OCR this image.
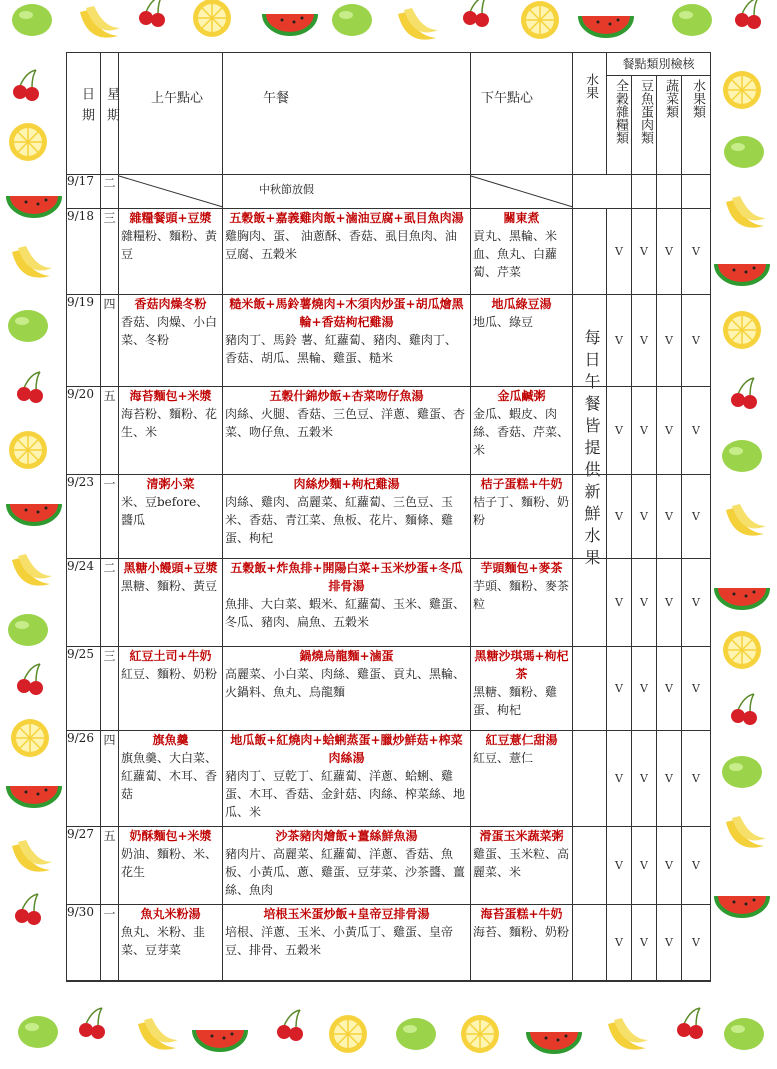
日期 星期 上午點心	午餐	下午點心	水果
餐點類別檢核
全穀雜糧類 豆魚蛋肉類 蔬菜類 水果類
9/17 二	中秋節放假
每日午餐皆提供新鮮水果
9/18 三	雜糧餐頭+豆漿
雜糧粉、麵粉、黃豆
五穀飯+嘉義雞肉飯+滷油豆腐+虱目魚肉湯
雞胸肉、蛋、 油蔥酥、香菇、虱目魚肉、油豆腐、五穀米
關東煮
貢丸、黑輪、米血、魚丸、白蘿蔔、芹菜
V	V	V	V
9/19 四	香菇肉燥冬粉
香菇、肉燥、小白菜、冬粉
糙米飯+馬鈴薯燒肉+木須肉炒蛋+胡瓜燴黑輪+香菇枸杞雞湯
豬肉丁、馬鈴 薯、紅蘿蔔、豬肉、雞肉丁、香菇、胡瓜、黑輪、雞蛋、糙米
地瓜綠豆湯
地瓜、綠豆
V	V	V	V
9/20 五	海苔麵包+米漿
海苔粉、麵粉、花生、米
五穀什錦炒飯+杏菜吻仔魚湯
肉絲、火腿、香菇、三色豆、洋蔥、雞蛋、杏菜、吻仔魚、五穀米
金瓜鹹粥
金瓜、蝦皮、肉絲、香菇、芹菜、米
V	V	V	V
9/23 一	清粥小菜
米、豆before、醬瓜
肉絲炒麵+枸杞雞湯
肉絲、雞肉、高麗菜、紅蘿蔔、三色豆、玉米、香菇、青江菜、魚板、花片、麵條、雞蛋、枸杞
桔子蛋糕+牛奶
桔子丁、麵粉、奶粉	V	V	V	V
9/24 二 黑糖小饅頭+豆漿
黑糖、麵粉、黃豆
五穀飯+炸魚排+開陽白菜+玉米炒蛋+冬瓜排骨湯
魚排、大白菜、蝦米、紅蘿蔔、玉米、雞蛋、冬瓜、豬肉、扁魚、五穀米
芋頭麵包+麥茶
芋頭、麵粉、麥茶粒	V	V	V	V
9/25 三	紅豆土司+牛奶
紅豆、麵粉、奶粉
鍋燒烏龍麵+滷蛋
高麗菜、小白菜、肉絲、雞蛋、貢丸、黑輪、火鍋料、魚丸、烏龍麵
黑糖沙琪瑪+枸杞茶
黑糖、麵粉、雞蛋、枸杞
V	V	V	V
9/26 四	旗魚羹
旗魚羹、大白菜、紅蘿蔔、木耳、香菇
地瓜飯+紅燒肉+蛤蜊蒸蛋+臘炒鮮菇+榨菜肉絲湯
豬肉丁、豆乾丁、紅蘿蔔、洋蔥、蛤蜊、雞蛋、木耳、香菇、金針菇、肉絲、榨菜絲、地瓜、米
紅豆薏仁甜湯
紅豆、薏仁
V	V	V	V
9/27 五	奶酥麵包+米漿
奶油、麵粉、米、花生
沙茶豬肉燴飯+薑絲鮮魚湯
豬肉片、高麗菜、紅蘿蔔、洋蔥、香菇、魚板、小黃瓜、蔥、雞蛋、豆芽菜、沙茶醬、薑絲、魚肉
滑蛋玉米蔬菜粥
雞蛋、玉米粒、高麗菜、米	V	V	V	V
9/30 一	魚丸米粉湯
魚丸、米粉、韭菜、豆芽菜
培根玉米蛋炒飯+皇帝豆排骨湯
培根、洋蔥、玉米、小黃瓜丁、雞蛋、皇帝豆、排骨、五穀米
海苔蛋糕+牛奶
海苔、麵粉、奶粉
V	V	V	V
